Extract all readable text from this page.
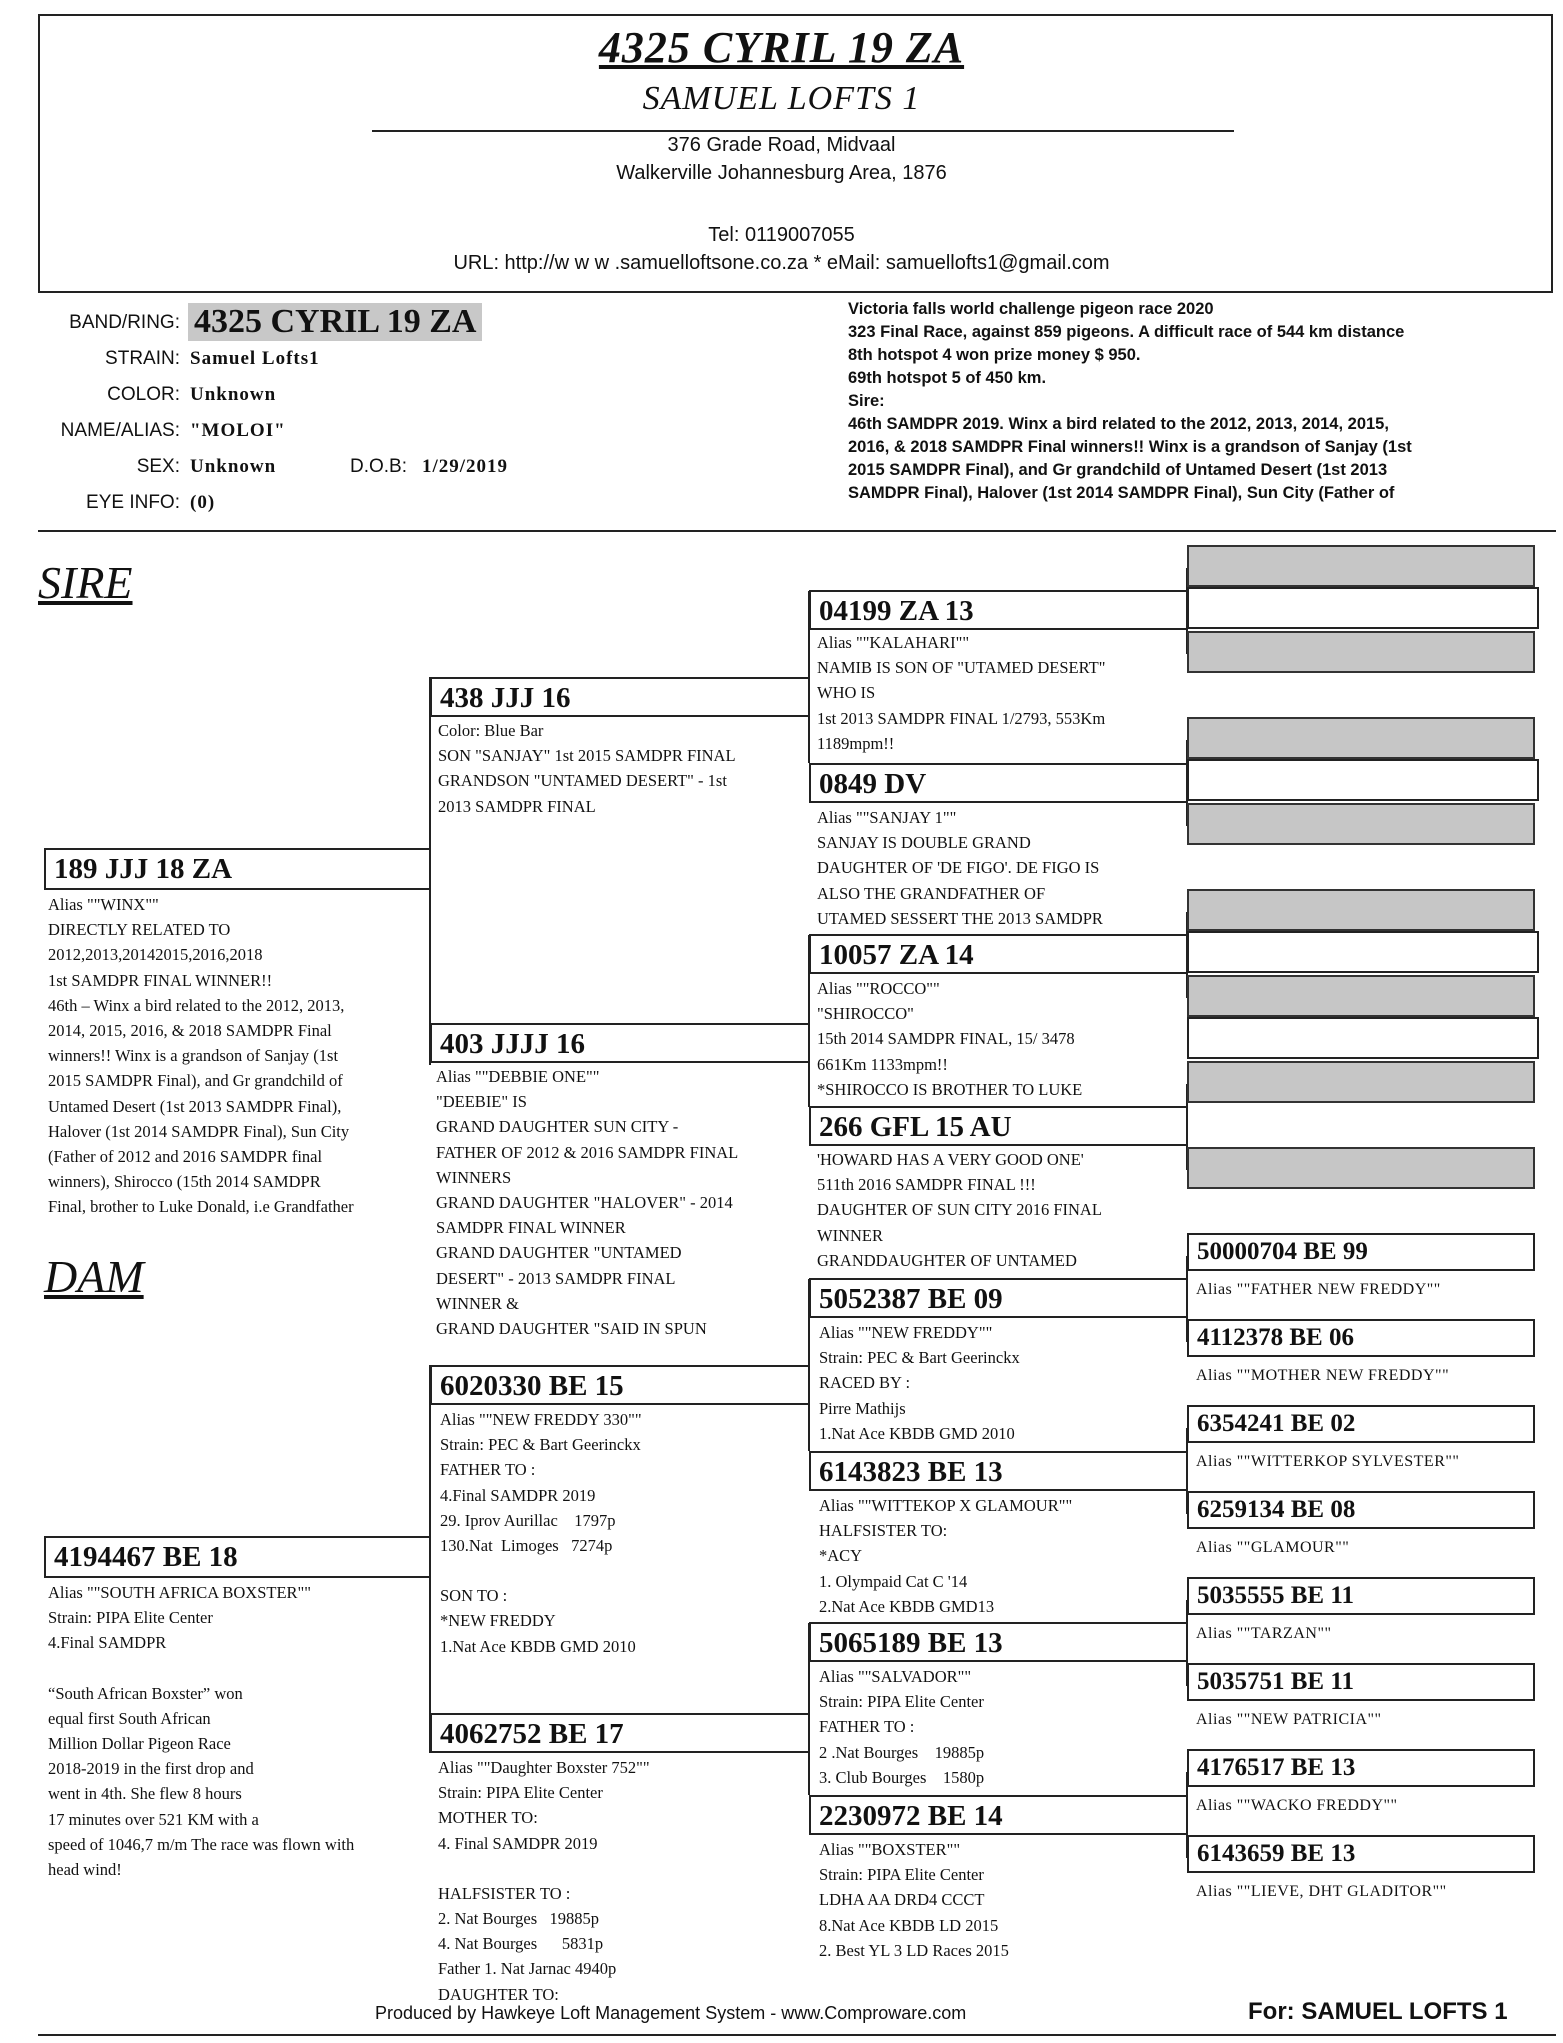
4325 CYRIL 19 ZA
SAMUEL LOFTS 1
376 Grade Road, Midvaal
Walkerville Johannesburg Area, 1876
Tel: 0119007055
URL: http://w w w .samuelloftsone.co.za * eMail: samuellofts1@gmail.com
BAND/RING: 4325 CYRIL 19 ZA
STRAIN: Samuel Lofts1
COLOR: Unknown
NAME/ALIAS: "MOLOI"
SEX: Unknown	D.O.B: 1/29/2019
EYE INFO: (0)
Victoria falls world challenge pigeon race 2020
323 Final Race, against 859 pigeons. A difficult race of 544 km distance
8th hotspot 4 won prize money $ 950.
69th hotspot 5 of 450 km.
Sire:
46th SAMDPR 2019. Winx a bird related to the 2012, 2013, 2014, 2015,
2016, & 2018 SAMDPR Final winners!! Winx is a grandson of Sanjay (1st
2015 SAMDPR Final), and Gr grandchild of Untamed Desert (1st 2013
SAMDPR Final), Halover (1st 2014 SAMDPR Final), Sun City (Father of
SIRE
DAM
189 JJJ 18 ZA
Alias ""WINX""
DIRECTLY RELATED TO
2012,2013,20142015,2016,2018
1st SAMDPR FINAL WINNER!!
46th – Winx a bird related to the 2012, 2013,
2014, 2015, 2016, & 2018 SAMDPR Final
winners!! Winx is a grandson of Sanjay (1st
2015 SAMDPR Final), and Gr grandchild of
Untamed Desert (1st 2013 SAMDPR Final),
Halover (1st 2014 SAMDPR Final), Sun City
(Father of 2012 and 2016 SAMDPR final
winners), Shirocco (15th 2014 SAMDPR
Final, brother to Luke Donald, i.e Grandfather
4194467 BE 18
Alias ""SOUTH AFRICA BOXSTER""
Strain: PIPA Elite Center
4.Final SAMDPR
“South African Boxster” won
equal first South African
Million Dollar Pigeon Race
2018-2019 in the first drop and
went in 4th. She flew 8 hours
17 minutes over 521 KM with a
speed of 1046,7 m/m The race was flown with
head wind!
438 JJJ 16
Color: Blue Bar
SON "SANJAY" 1st 2015 SAMDPR FINAL
GRANDSON "UNTAMED DESERT" - 1st
2013 SAMDPR FINAL
403 JJJJ 16
Alias ""DEBBIE ONE""
"DEEBIE" IS
GRAND DAUGHTER SUN CITY -
FATHER OF 2012 & 2016 SAMDPR FINAL
WINNERS
GRAND DAUGHTER "HALOVER" - 2014
SAMDPR FINAL WINNER
GRAND DAUGHTER "UNTAMED
DESERT" - 2013 SAMDPR FINAL
WINNER &
GRAND DAUGHTER "SAID IN SPUN
6020330 BE 15
Alias ""NEW FREDDY 330""
Strain: PEC & Bart Geerinckx
FATHER TO :
4.Final SAMDPR 2019
29. Iprov Aurillac    1797p
130.Nat  Limoges   7274p
SON TO :
*NEW FREDDY
1.Nat Ace KBDB GMD 2010
4062752 BE 17
Alias ""Daughter Boxster 752""
Strain: PIPA Elite Center
MOTHER TO:
4. Final SAMDPR 2019
HALFSISTER TO :
2. Nat Bourges   19885p
4. Nat Bourges      5831p
Father 1. Nat Jarnac 4940p
DAUGHTER TO:
04199 ZA 13
Alias ""KALAHARI""
NAMIB IS SON OF "UTAMED DESERT"
WHO IS
1st 2013 SAMDPR FINAL 1/2793, 553Km
1189mpm!!
0849 DV
Alias ""SANJAY 1""
SANJAY IS DOUBLE GRAND
DAUGHTER OF 'DE FIGO'. DE FIGO IS
ALSO THE GRANDFATHER OF
UTAMED SESSERT THE 2013 SAMDPR
10057 ZA 14
Alias ""ROCCO""
"SHIROCCO"
15th 2014 SAMDPR FINAL, 15/ 3478
661Km 1133mpm!!
*SHIROCCO IS BROTHER TO LUKE
266 GFL 15 AU
'HOWARD HAS A VERY GOOD ONE'
511th 2016 SAMDPR FINAL !!!
DAUGHTER OF SUN CITY 2016 FINAL
WINNER
GRANDDAUGHTER OF UNTAMED
5052387 BE 09
Alias ""NEW FREDDY""
Strain: PEC & Bart Geerinckx
RACED BY :
Pirre Mathijs
1.Nat Ace KBDB GMD 2010
6143823 BE 13
Alias ""WITTEKOP X GLAMOUR""
HALFSISTER TO:
*ACY
1. Olympaid Cat C '14
2.Nat Ace KBDB GMD13
5065189 BE 13
Alias ""SALVADOR""
Strain: PIPA Elite Center
FATHER TO :
2 .Nat Bourges    19885p
3. Club Bourges    1580p
2230972 BE 14
Alias ""BOXSTER""
Strain: PIPA Elite Center
LDHA AA DRD4 CCCT
8.Nat Ace KBDB LD 2015
2. Best YL 3 LD Races 2015
50000704 BE 99
Alias ""FATHER NEW FREDDY""
4112378 BE 06
Alias ""MOTHER NEW FREDDY""
6354241 BE 02
Alias ""WITTERKOP SYLVESTER""
6259134 BE 08
Alias ""GLAMOUR""
5035555 BE 11
Alias ""TARZAN""
5035751 BE 11
Alias ""NEW PATRICIA""
4176517 BE 13
Alias ""WACKO FREDDY""
6143659 BE 13
Alias ""LIEVE, DHT GLADITOR""
Produced by Hawkeye Loft Management System - www.Comproware.com	For: SAMUEL LOFTS 1
